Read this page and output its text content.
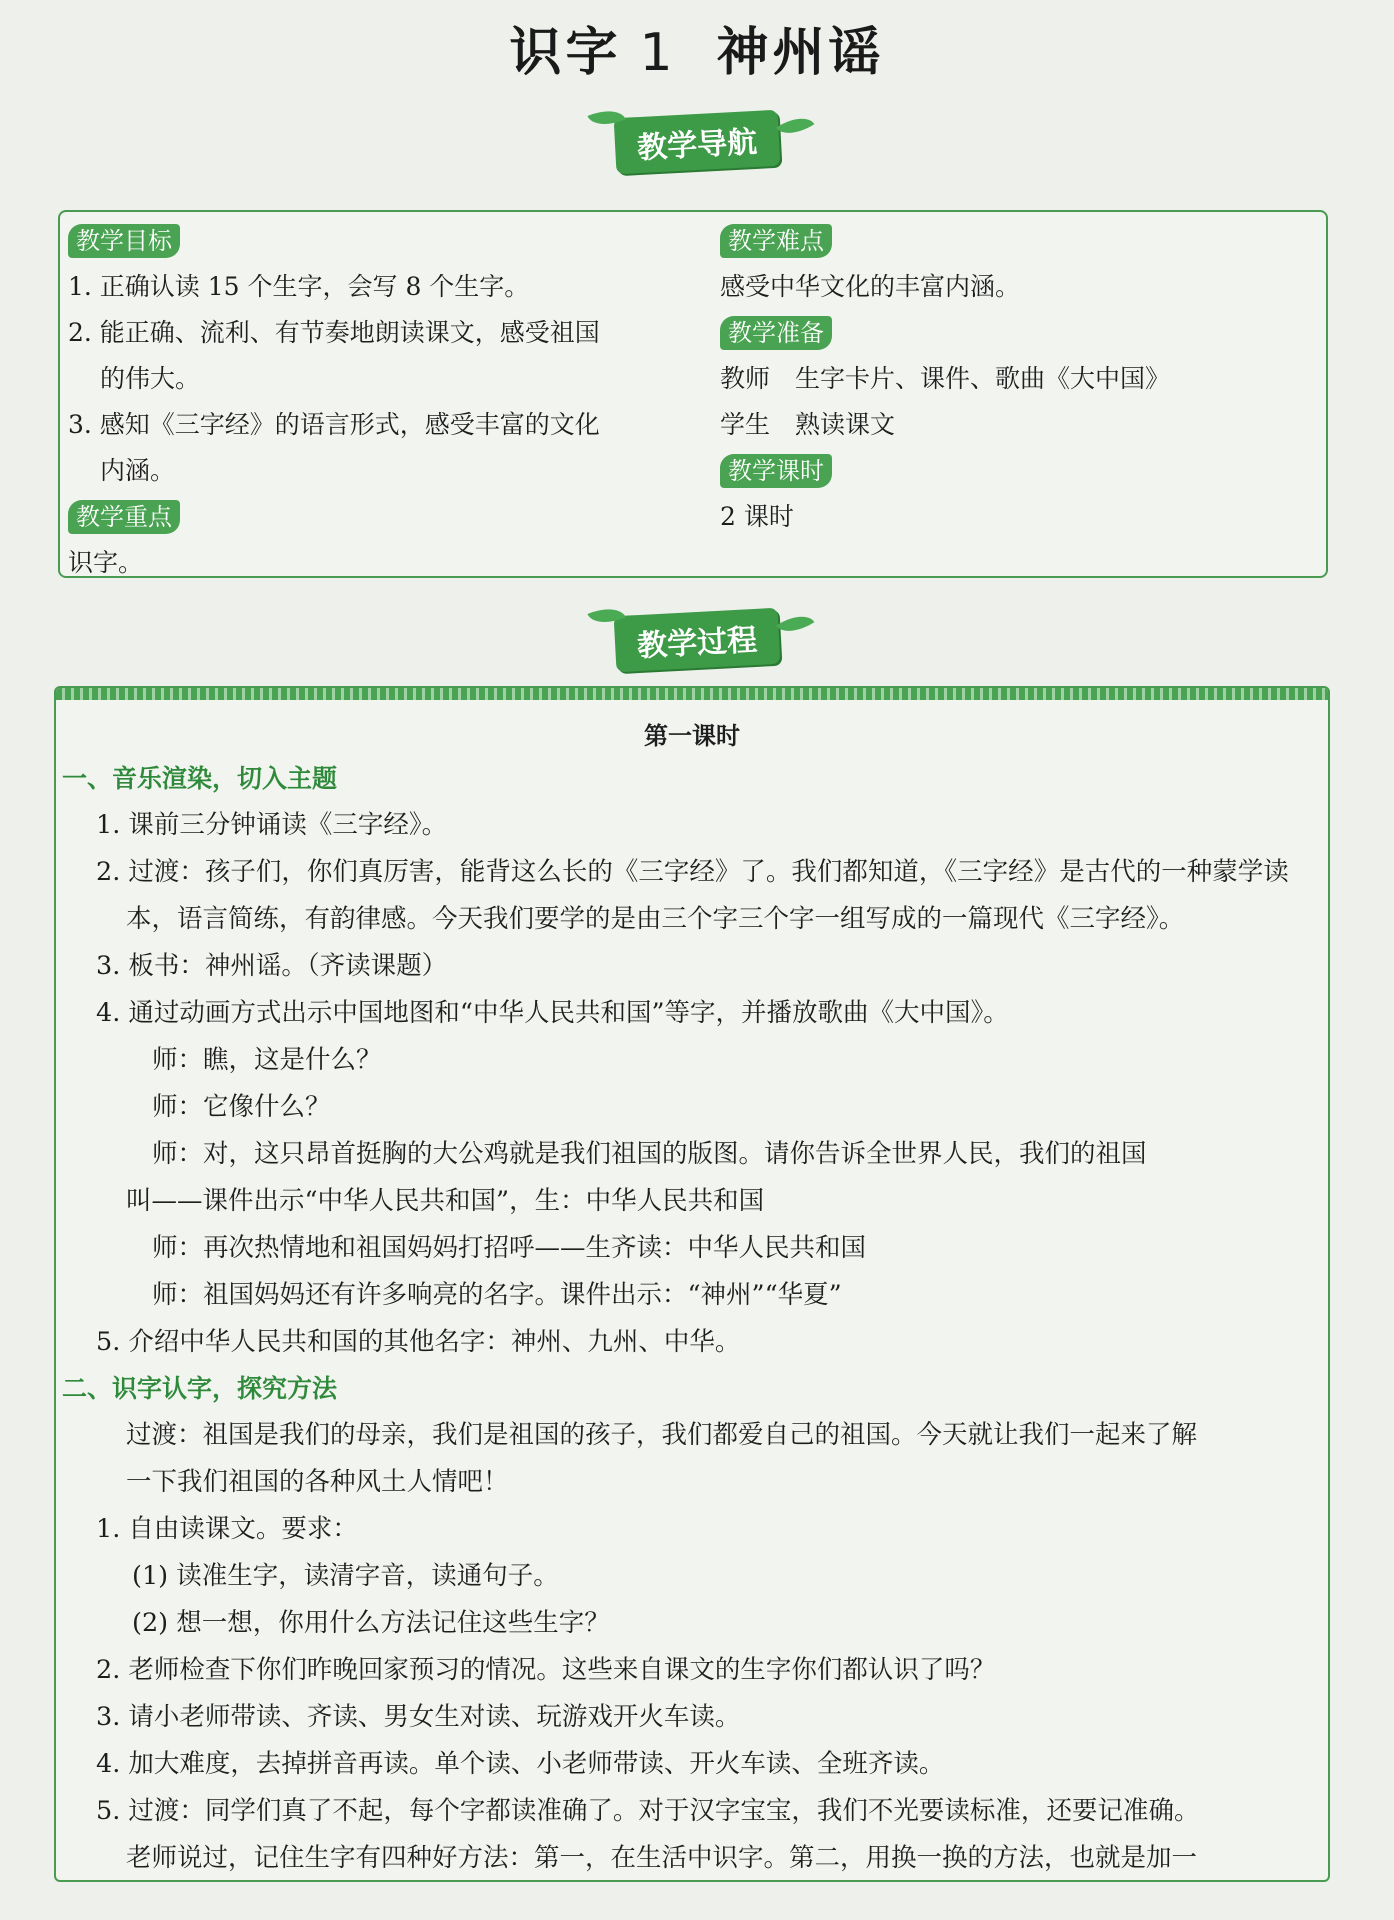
识字 1 神州谣
教学导航
教学目标
1. 正确认读 15 个生字，会写 8 个生字。
2. 能正确、流利、有节奏地朗读课文，感受祖国
的伟大。
3. 感知《三字经》的语言形式，感受丰富的文化
内涵。
教学重点
识字。
教学难点
感受中华文化的丰富内涵。
教学准备
教师　生字卡片、课件、歌曲《大中国》
学生　熟读课文
教学课时
2 课时
教学过程
第一课时
一、音乐渲染，切入主题
1. 课前三分钟诵读《三字经》。
2. 过渡：孩子们，你们真厉害，能背这么长的《三字经》了。我们都知道，《三字经》是古代的一种蒙学读
本，语言简练，有韵律感。今天我们要学的是由三个字三个字一组写成的一篇现代《三字经》。
3. 板书：神州谣。（齐读课题）
4. 通过动画方式出示中国地图和“中华人民共和国”等字，并播放歌曲《大中国》。
师：瞧，这是什么？
师：它像什么？
师：对，这只昂首挺胸的大公鸡就是我们祖国的版图。请你告诉全世界人民，我们的祖国
叫——课件出示“中华人民共和国”，生：中华人民共和国
师：再次热情地和祖国妈妈打招呼——生齐读：中华人民共和国
师：祖国妈妈还有许多响亮的名字。课件出示：“神州”“华夏”
5. 介绍中华人民共和国的其他名字：神州、九州、中华。
二、识字认字，探究方法
过渡：祖国是我们的母亲，我们是祖国的孩子，我们都爱自己的祖国。今天就让我们一起来了解
一下我们祖国的各种风土人情吧！
1. 自由读课文。要求：
(1) 读准生字，读清字音，读通句子。
(2) 想一想，你用什么方法记住这些生字？
2. 老师检查下你们昨晚回家预习的情况。这些来自课文的生字你们都认识了吗？
3. 请小老师带读、齐读、男女生对读、玩游戏开火车读。
4. 加大难度，去掉拼音再读。单个读、小老师带读、开火车读、全班齐读。
5. 过渡：同学们真了不起，每个字都读准确了。对于汉字宝宝，我们不光要读标准，还要记准确。
老师说过，记住生字有四种好方法：第一，在生活中识字。第二，用换一换的方法，也就是加一
